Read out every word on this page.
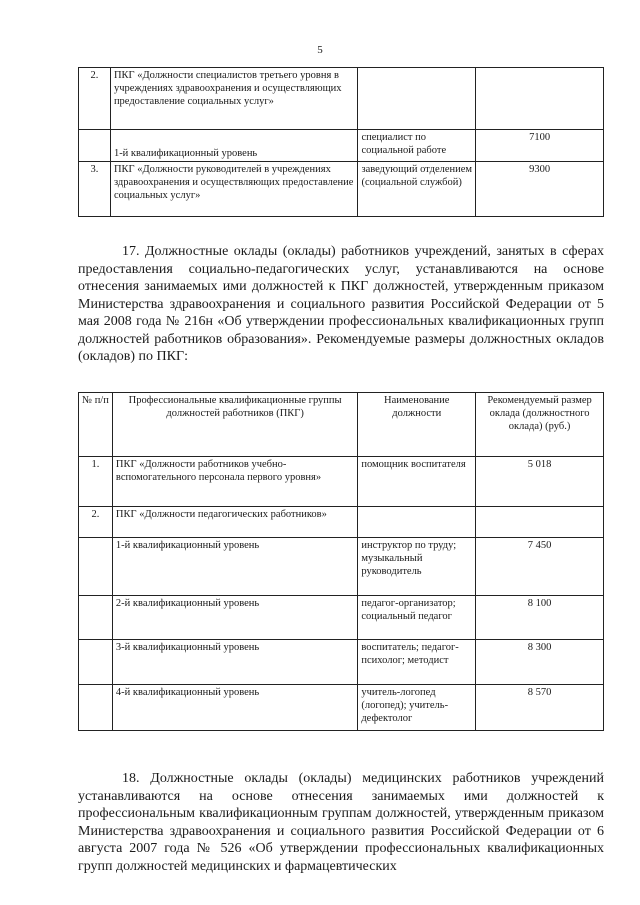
5
2.	ПКГ «Должности специалистов третьего уровня в учреждениях здравоохранения и осуществляющих предоставление социальных услуг»		
	1-й квалификационный уровень	специалист по социальной работе	7100
3.	ПКГ «Должности руководителей в учреждениях здравоохранения и осуществляющих предоставление социальных услуг»	заведующий отделением (социальной службой)	9300
17. Должностные оклады (оклады) работников учреждений, занятых в сферах предоставления социально-педагогических услуг, устанавливаются на основе отнесения занимаемых ими должностей к ПКГ должностей, утвержденным приказом Министерства здравоохранения и социального развития Российской Федерации от 5 мая 2008 года № 216н «Об утверждении профессиональных квалификационных групп должностей работников образования». Рекомендуемые размеры должностных окладов (окладов) по ПКГ:
№ п/п	Профессиональные квалификационные группы должностей работников (ПКГ)	Наименование должности	Рекомендуемый размер оклада (должностного оклада) (руб.)
1.	ПКГ «Должности работников учебно-вспомогательного персонала первого уровня»	помощник воспитателя	5 018
2.	ПКГ «Должности педагогических работников»		
	1-й квалификационный уровень	инструктор по труду; музыкальный руководитель	7 450
	2-й квалификационный уровень	педагог-организатор; социальный педагог	8 100
	3-й квалификационный уровень	воспитатель; педагог-психолог; методист	8 300
	4-й квалификационный уровень	учитель-логопед (логопед); учитель-дефектолог	8 570
18. Должностные оклады (оклады) медицинских работников учреждений устанавливаются на основе отнесения занимаемых ими должностей к профессиональным квалификационным группам должностей, утвержденным приказом Министерства здравоохранения и социального развития Российской Федерации от 6 августа 2007 года № 526 «Об утверждении профессиональных квалификационных групп должностей медицинских и фармацевтических
